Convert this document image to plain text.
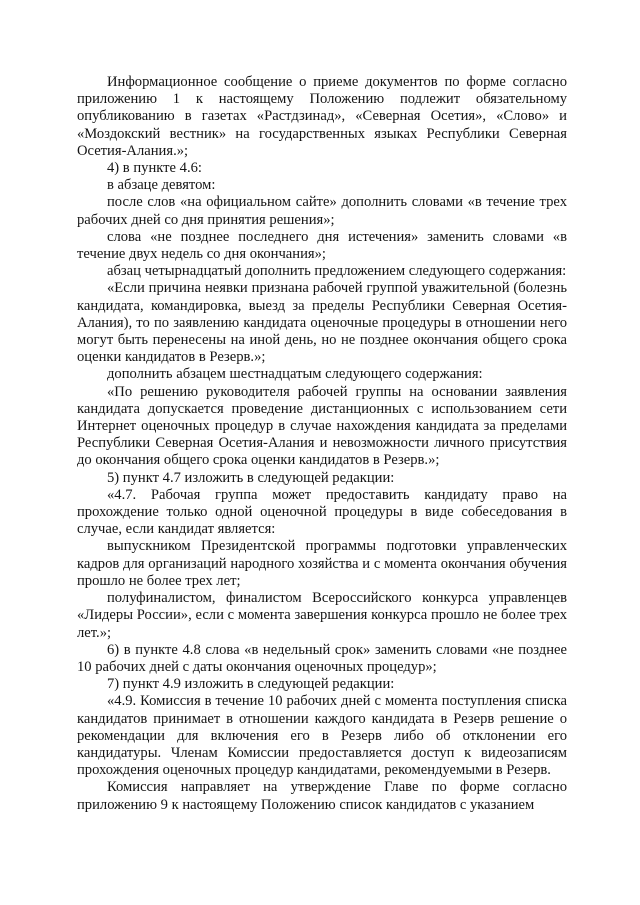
Информационное сообщение о приеме документов по форме согласно приложению 1 к настоящему Положению подлежит обязательному опубликованию в газетах «Растдзинад», «Северная Осетия», «Слово» и «Моздокский вестник» на государственных языках Республики Северная Осетия-Алания.»;

4) в пункте 4.6:

в абзаце девятом:

после слов «на официальном сайте» дополнить словами «в течение трех рабочих дней со дня принятия решения»;

слова «не позднее последнего дня истечения» заменить словами «в течение двух недель со дня окончания»;

абзац четырнадцатый дополнить предложением следующего содержания:

«Если причина неявки признана рабочей группой уважительной (болезнь кандидата, командировка, выезд за пределы Республики Северная Осетия-Алания), то по заявлению кандидата оценочные процедуры в отношении него могут быть перенесены на иной день, но не позднее окончания общего срока оценки кандидатов в Резерв.»;

дополнить абзацем шестнадцатым следующего содержания:

«По решению руководителя рабочей группы на основании заявления кандидата допускается проведение дистанционных с использованием сети Интернет оценочных процедур в случае нахождения кандидата за пределами Республики Северная Осетия-Алания и невозможности личного присутствия до окончания общего срока оценки кандидатов в Резерв.»;

5) пункт 4.7 изложить в следующей редакции:

«4.7. Рабочая группа может предоставить кандидату право на прохождение только одной оценочной процедуры в виде собеседования в случае, если кандидат является:

выпускником Президентской программы подготовки управленческих кадров для организаций народного хозяйства и с момента окончания обучения прошло не более трех лет;

полуфиналистом, финалистом Всероссийского конкурса управленцев «Лидеры России», если с момента завершения конкурса прошло не более трех лет.»;

6) в пункте 4.8 слова «в недельный срок» заменить словами «не позднее 10 рабочих дней с даты окончания оценочных процедур»;

7) пункт 4.9 изложить в следующей редакции:

«4.9. Комиссия в течение 10 рабочих дней с момента поступления списка кандидатов принимает в отношении каждого кандидата в Резерв решение о рекомендации для включения его в Резерв либо об отклонении его кандидатуры. Членам Комиссии предоставляется доступ к видеозаписям прохождения оценочных процедур кандидатами, рекомендуемыми в Резерв.

Комиссия направляет на утверждение Главе по форме согласно приложению 9 к настоящему Положению список кандидатов с указанием
